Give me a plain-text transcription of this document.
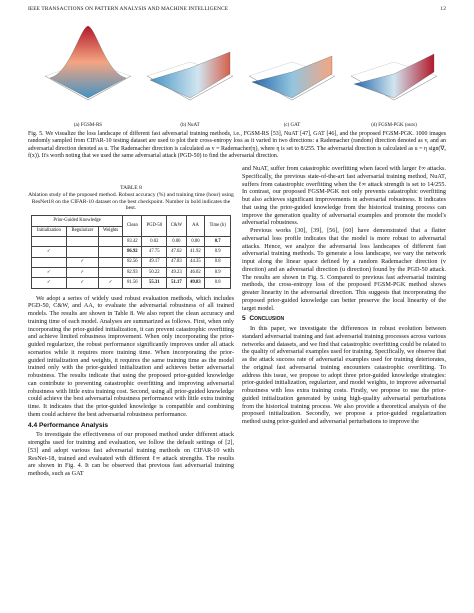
IEEE TRANSACTIONS ON PATTERN ANALYSIS AND MACHINE INTELLIGENCE	12
(a) FGSM-RS	(b) NuAT	(c) GAT	(d) FGSM-PGK (ours)
Fig. 5. We visualize the loss landscape of different fast adversarial training methods, i.e., FGSM-RS [53], NuAT [47], GAT [46], and the proposed FGSM-PGK. 1000 images randomly sampled from CIFAR-10 testing dataset are used to plot their cross-entropy loss as it varied in two directions: a Rademacher (random) direction denoted as v, and an adversarial direction denoted as u. The Rademacher direction is calculated as v = Rademacher(η), where η is set to 8/255. The adversarial direction is calculated as u = η sign(∇ₓ f(x)). It's worth noting that we used the same adversarial attack (PGD-50) to find the adversarial direction.
TABLE 8
Ablation study of the proposed method. Robust accuracy (%) and training time (hour) using ResNet18 on the CIFAR-10 dataset on the best checkpoint. Number in bold indicates the best.
Prior-Guided Knowledge			Clean	PGD-50	C&W	AA	Time (h)
Initialization	Regularizer	Weights					
			83.42	0.02	0.00	0.00	0.7
✓			86.92	47.75	47.62	41.92	0.9
	✓		82.56	49.17	47.83	44.35	0.8
✓	✓		82.93	50.22	49.23	46.02	0.9
✓	✓	✓	81.56	55.31	51.17	49.83	0.8

We adopt a series of widely used robust evaluation methods, which includes PGD-50, C&W, and AA, to evaluate the adversarial robustness of all trained models. The results are shown in Table 8. We also report the clean accuracy and training time of each model. Analyses are summarized as follows. First, when only incorporating the prior-guided initialization, it can prevent catastrophic overfitting and achieve limited robustness improvement. When only incorporating the prior-guided regularizer, the robust performance significantly improves under all attack scenarios while it requires more training time. When incorporating the prior-guided initialization and weights, it requires the same training time as the model trained only with the prior-guided initialization and achieves better adversarial robustness. The results indicate that using the proposed prior-guided knowledge can contribute to preventing catastrophic overfitting and improving adversarial robustness with little extra training cost. Second, using all prior-guided knowledge could achieve the best adversarial robustness performance with little extra training time. It indicates that the prior-guided knowledge is compatible and combining them could achieve the best adversarial robustness performance.

4.4 Performance Analysis

To investigate the effectiveness of our proposed method under different attack strengths used for training and evaluation, we follow the default settings of [2], [53] and adopt various fast adversarial training methods on CIFAR-10 with ResNet-18, trained and evaluated with different ℓ∞ attack strengths. The results are shown in Fig. 4. It can be observed that previous fast adversarial training methods, such as GAT

and NuAT, suffer from catastrophic overfitting when faced with larger ℓ∞ attacks. Specifically, the previous state-of-the-art fast adversarial training method, NuAT, suffers from catastrophic overfitting when the ℓ∞ attack strength is set to 14/255. In contrast, our proposed FGSM-PGK not only prevents catastrophic overfitting but also achieves significant improvements in adversarial robustness. It indicates that using the prior-guided knowledge from the historical training process can improve the generation quality of adversarial examples and promote the model's adversarial robustness.

Previous works [30], [39], [56], [60] have demonstrated that a flatter adversarial loss profile indicates that the model is more robust to adversarial attacks. Hence, we analyze the adversarial loss landscapes of different fast adversarial training methods. To generate a loss landscape, we vary the network input along the linear space defined by a random Rademacher direction (v direction) and an adversarial direction (u direction) found by the PGD-50 attack. The results are shown in Fig. 5. Compared to previous fast adversarial training methods, the cross-entropy loss of the proposed FGSM-PGK method shows greater linearity in the adversarial direction. This suggests that incorporating the proposed prior-guided knowledge can better preserve the local linearity of the target model.

5 Conclusion

In this paper, we investigate the differences in robust evolution between standard adversarial training and fast adversarial training processes across various networks and datasets, and we find that catastrophic overfitting could be related to the quality of adversarial examples used for training. Specifically, we observe that as the attack success rate of adversarial examples used for training deteriorates, the original fast adversarial training encounters catastrophic overfitting. To address this issue, we propose to adopt three prior-guided knowledge strategies: prior-guided initialization, regularizer, and model weights, to improve adversarial robustness with less extra training costs. Firstly, we propose to use the prior-guided initialization generated by using high-quality adversarial perturbations from the historical training process. We also provide a theoretical analysis of the proposed initialization. Secondly, we propose a prior-guided regularization method using prior-guided and adversarial perturbations to improve the
